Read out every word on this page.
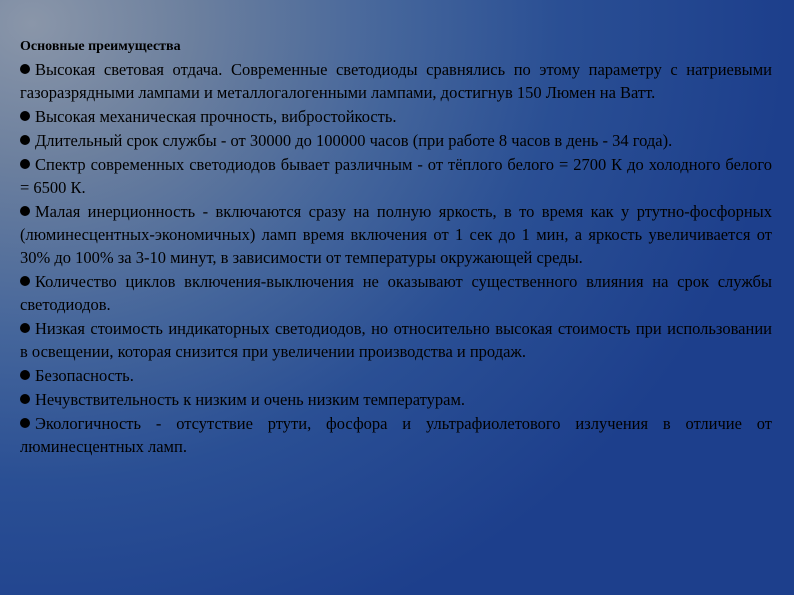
Основные преимущества
Высокая световая отдача. Современные светодиоды сравнялись по этому параметру с натриевыми газоразрядными лампами и металлогалогенными лампами, достигнув 150 Люмен на Ватт.
Высокая механическая прочность, вибростойкость.
Длительный срок службы - от 30000 до 100000 часов (при работе 8 часов в день - 34 года).
Спектр современных светодиодов бывает различным - от тёплого белого = 2700 К до холодного белого = 6500 К.
Малая инерционность - включаются сразу на полную яркость, в то время как у ртутно-фосфорных (люминесцентных-экономичных) ламп время включения от 1 сек до 1 мин, а яркость увеличивается от 30% до 100% за 3-10 минут, в зависимости от температуры окружающей среды.
Количество циклов включения-выключения не оказывают существенного влияния на срок службы светодиодов.
Низкая стоимость индикаторных светодиодов, но относительно высокая стоимость при использовании в освещении, которая снизится при увеличении производства и продаж.
Безопасность.
Нечувствительность к низким и очень низким температурам.
Экологичность - отсутствие ртути, фосфора и ультрафиолетового излучения в отличие от люминесцентных ламп.
